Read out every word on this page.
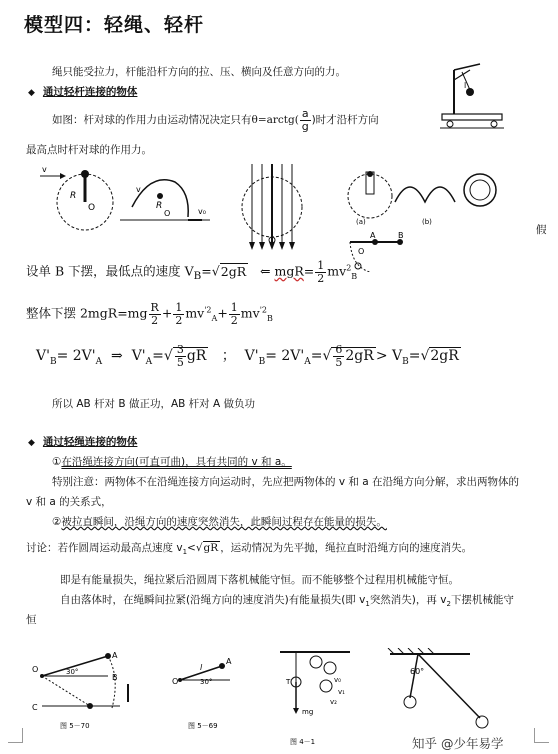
模型四：轻绳、轻杆
绳只能受拉力，杆能沿杆方向的拉、压、横向及任意方向的力。
◆ 通过轻杆连接的物体
l
如图：杆对球的作用力由运动情况决定只有θ=arctg( $\frac{a}{g}$ )时才沿杆方向
最高点时杆对球的作用力。
v
R
O
v
R
O	v₀
(a)	(b)
A	B
O
假
设单 B 下摆，最低点的速度 $V_B=√2gR$ ⇐ $mgR= \frac{1}{2} mv^2_B$
整体下摆 $2mgR=mg \frac{R}{2} + \frac{1}{2} mv^{'2}_A+ \frac{1}{2} mv^{'2}_B$
$V'_B= 2V'_A$ ⇒ $V'_A=√ \frac{3}{5}$ gR ； $V'_B= 2V'_A=√ \frac{6}{5} 2gR > V_B=√2gR$
所以 AB 杆对 B 做正功，AB 杆对 A 做负功
◆ 通过轻绳连接的物体
①在沿绳连接方向(可直可曲)，具有共同的 v 和 a。
特别注意：两物体不在沿绳连接方向运动时，先应把两物体的 v 和 a 在沿绳方向分解，求出两物体的
v 和 a 的关系式，
②被拉直瞬间，沿绳方向的速度突然消失，此瞬间过程存在能量的损失。
讨论：若作圆周运动最高点速度 $v_1<√gR$ ，运动情况为先平抛，绳拉直时沿绳方向的速度消失。
即是有能量损失，绳拉紧后沿圆周下落机械能守恒。而不能够整个过程用机械能守恒。
自由落体时，在绳瞬间拉紧(沿绳方向的速度消失)有能量损失(即 $v_1$突然消失)，再 $v_2$下摆机械能守
恒
O
A
B
C
30°
图 5－70
O
l
30°
A
图 5－69
T
mg
v₀
v₁
v₂
图 4－1
60°
知乎 @少年易学
